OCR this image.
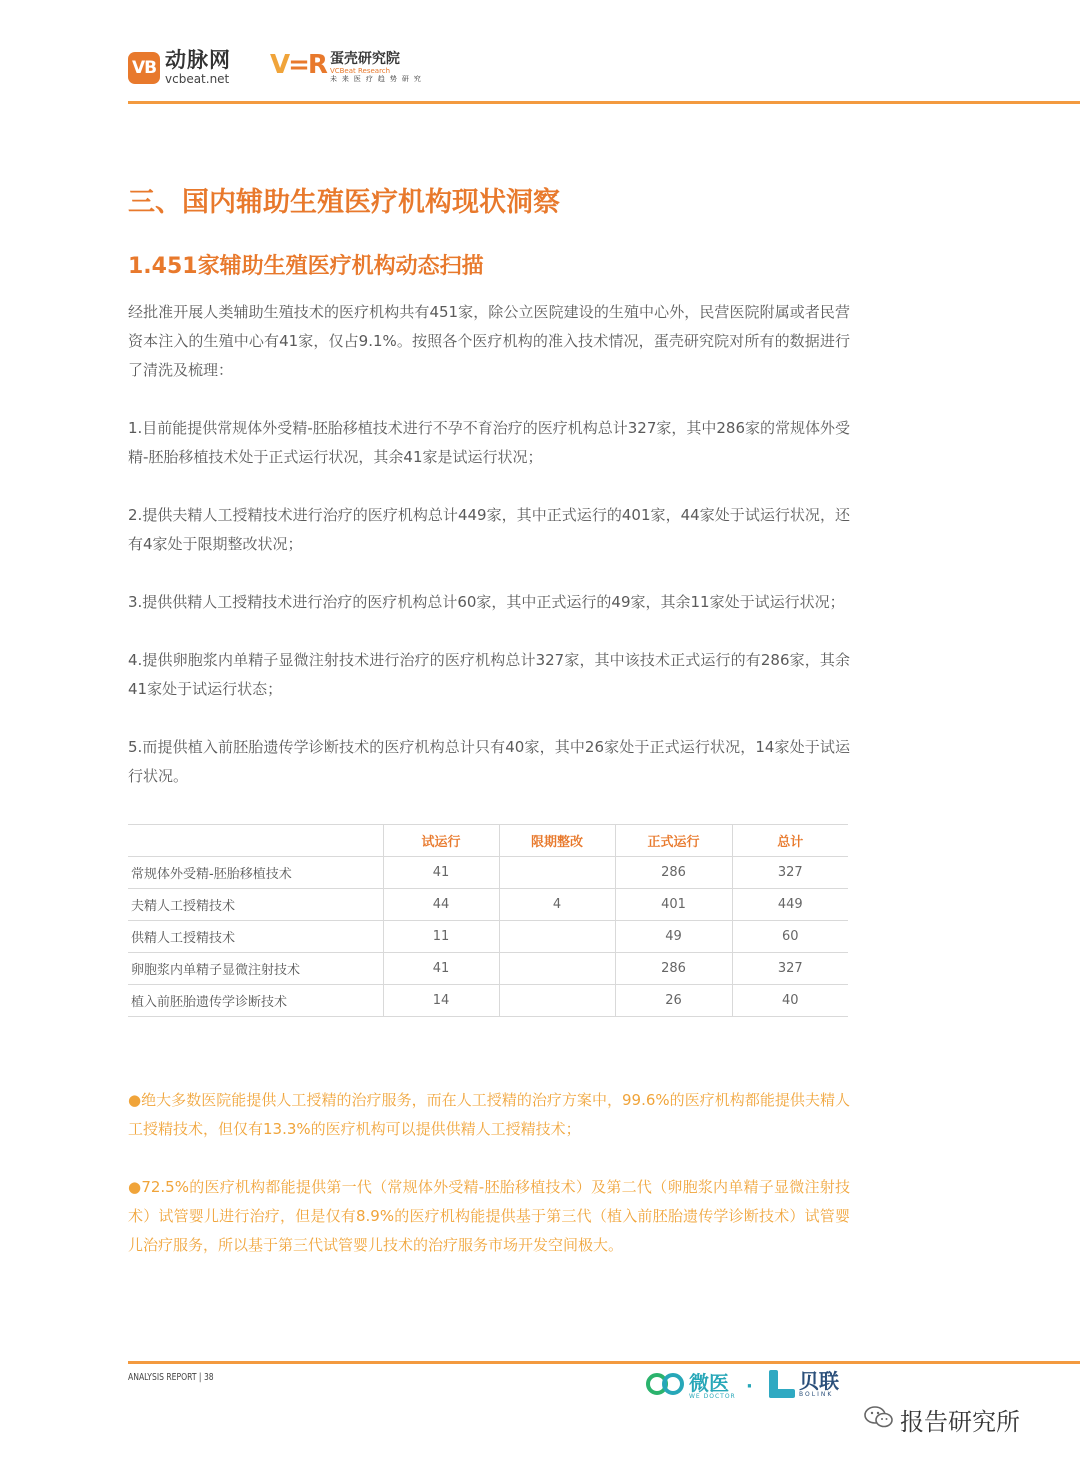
VB 动脉网
vcbeat.net V=R 蛋壳研究院
VCBeat Research
未来医疗趋势研究
三、国内辅助生殖医疗机构现状洞察
1.451家辅助生殖医疗机构动态扫描
经批准开展人类辅助生殖技术的医疗机构共有451家，除公立医院建设的生殖中心外，民营医院附属或者民营资本注入的生殖中心有41家，仅占9.1%。按照各个医疗机构的准入技术情况，蛋壳研究院对所有的数据进行了清洗及梳理：
1.目前能提供常规体外受精-胚胎移植技术进行不孕不育治疗的医疗机构总计327家，其中286家的常规体外受精-胚胎移植技术处于正式运行状况，其余41家是试运行状况；
2.提供夫精人工授精技术进行治疗的医疗机构总计449家，其中正式运行的401家，44家处于试运行状况，还有4家处于限期整改状况；
3.提供供精人工授精技术进行治疗的医疗机构总计60家，其中正式运行的49家，其余11家处于试运行状况；
4.提供卵胞浆内单精子显微注射技术进行治疗的医疗机构总计327家，其中该技术正式运行的有286家，其余41家处于试运行状态；
5.而提供植入前胚胎遗传学诊断技术的医疗机构总计只有40家，其中26家处于正式运行状况，14家处于试运行状况。
	试运行	限期整改	正式运行	总计
常规体外受精-胚胎移植技术	41		286	327
夫精人工授精技术	44	4	401	449
供精人工授精技术	11		49	60
卵胞浆内单精子显微注射技术	41		286	327
植入前胚胎遗传学诊断技术	14		26	40
●绝大多数医院能提供人工授精的治疗服务，而在人工授精的治疗方案中，99.6%的医疗机构都能提供夫精人工授精技术，但仅有13.3%的医疗机构可以提供供精人工授精技术；
●72.5%的医疗机构都能提供第一代（常规体外受精-胚胎移植技术）及第二代（卵胞浆内单精子显微注射技术）试管婴儿进行治疗，但是仅有8.9%的医疗机构能提供基于第三代（植入前胚胎遗传学诊断技术）试管婴儿治疗服务，所以基于第三代试管婴儿技术的治疗服务市场开发空间极大。
ANALYSIS REPORT | 38	微医
WE DOCTOR · 贝联
BOLINK
报告研究所
